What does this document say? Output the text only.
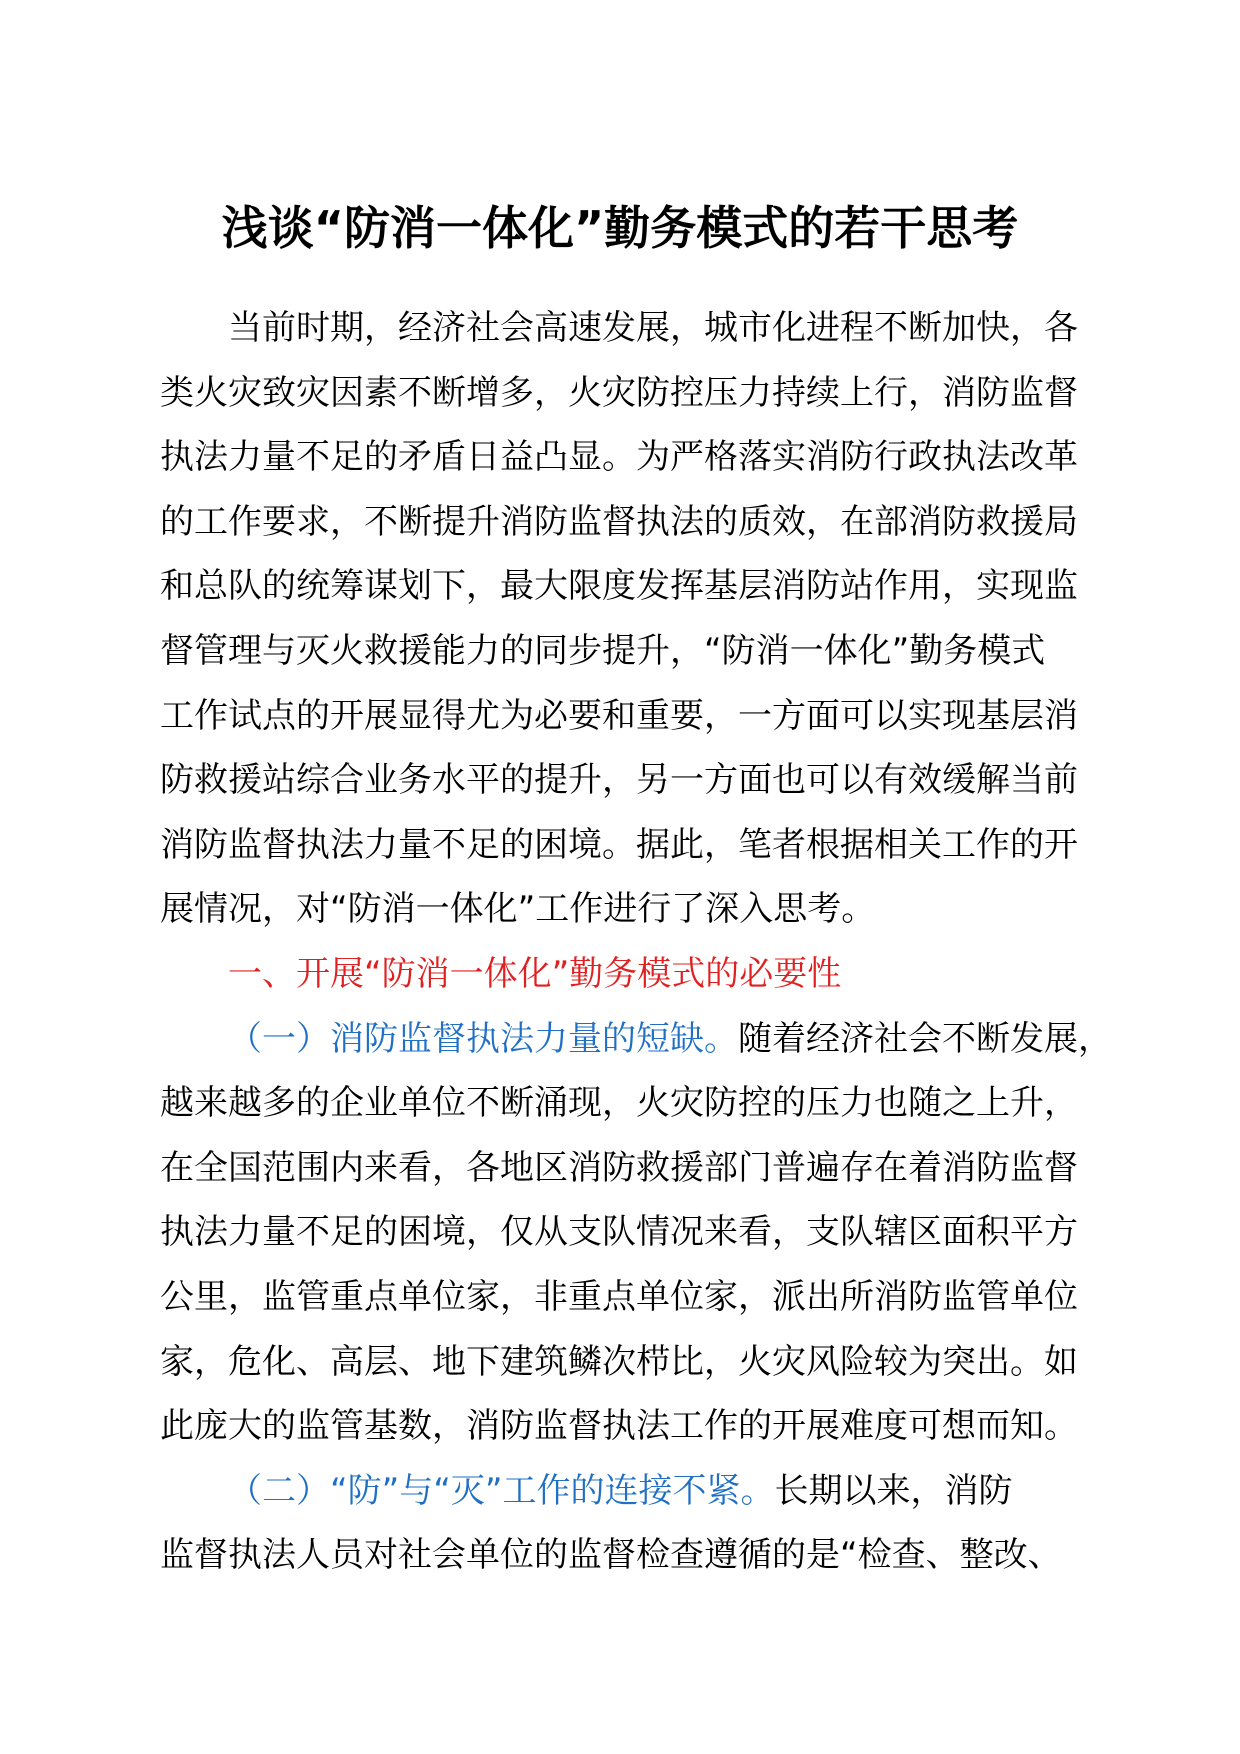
浅谈“防消一体化”勤务模式的若干思考
当前时期，经济社会高速发展，城市化进程不断加快，各
类火灾致灾因素不断增多，火灾防控压力持续上行，消防监督
执法力量不足的矛盾日益凸显。为严格落实消防行政执法改革
的工作要求，不断提升消防监督执法的质效，在部消防救援局
和总队的统筹谋划下，最大限度发挥基层消防站作用，实现监
督管理与灭火救援能力的同步提升，“防消一体化”勤务模式
工作试点的开展显得尤为必要和重要，一方面可以实现基层消
防救援站综合业务水平的提升，另一方面也可以有效缓解当前
消防监督执法力量不足的困境。据此，笔者根据相关工作的开
展情况，对“防消一体化”工作进行了深入思考。
一、开展“防消一体化”勤务模式的必要性
（一）消防监督执法力量的短缺。随着经济社会不断发展，
越来越多的企业单位不断涌现，火灾防控的压力也随之上升，
在全国范围内来看，各地区消防救援部门普遍存在着消防监督
执法力量不足的困境，仅从支队情况来看，支队辖区面积平方
公里，监管重点单位家，非重点单位家，派出所消防监管单位
家，危化、高层、地下建筑鳞次栉比，火灾风险较为突出。如
此庞大的监管基数，消防监督执法工作的开展难度可想而知。
（二）“防”与“灭”工作的连接不紧。长期以来，消防
监督执法人员对社会单位的监督检查遵循的是“检查、整改、
